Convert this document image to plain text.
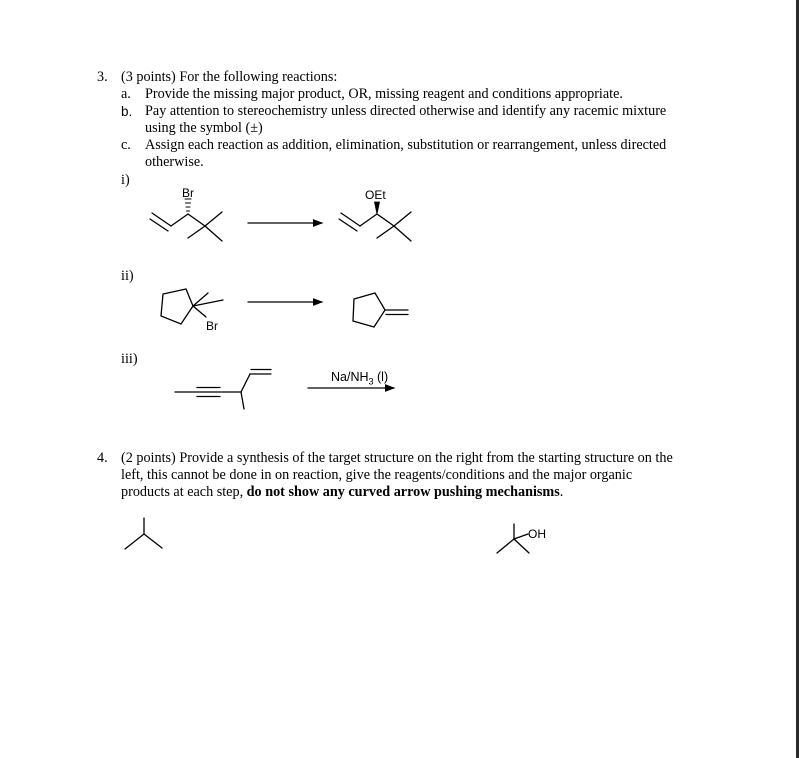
3. (3 points) For the following reactions:
a. Provide the missing major product, OR, missing reagent and conditions appropriate.
b. Pay attention to stereochemistry unless directed otherwise and identify any racemic mixture
using the symbol (±)
c. Assign each reaction as addition, elimination, substitution or rearrangement, unless directed
otherwise.
i)
ii)
iii)
Br	OEt
Br
$Na/NH_3$ (l)
4. (2 points) Provide a synthesis of the target structure on the right from the starting structure on the
left, this cannot be done in on reaction, give the reagents/conditions and the major organic
products at each step, do not show any curved arrow pushing mechanisms.
OH
